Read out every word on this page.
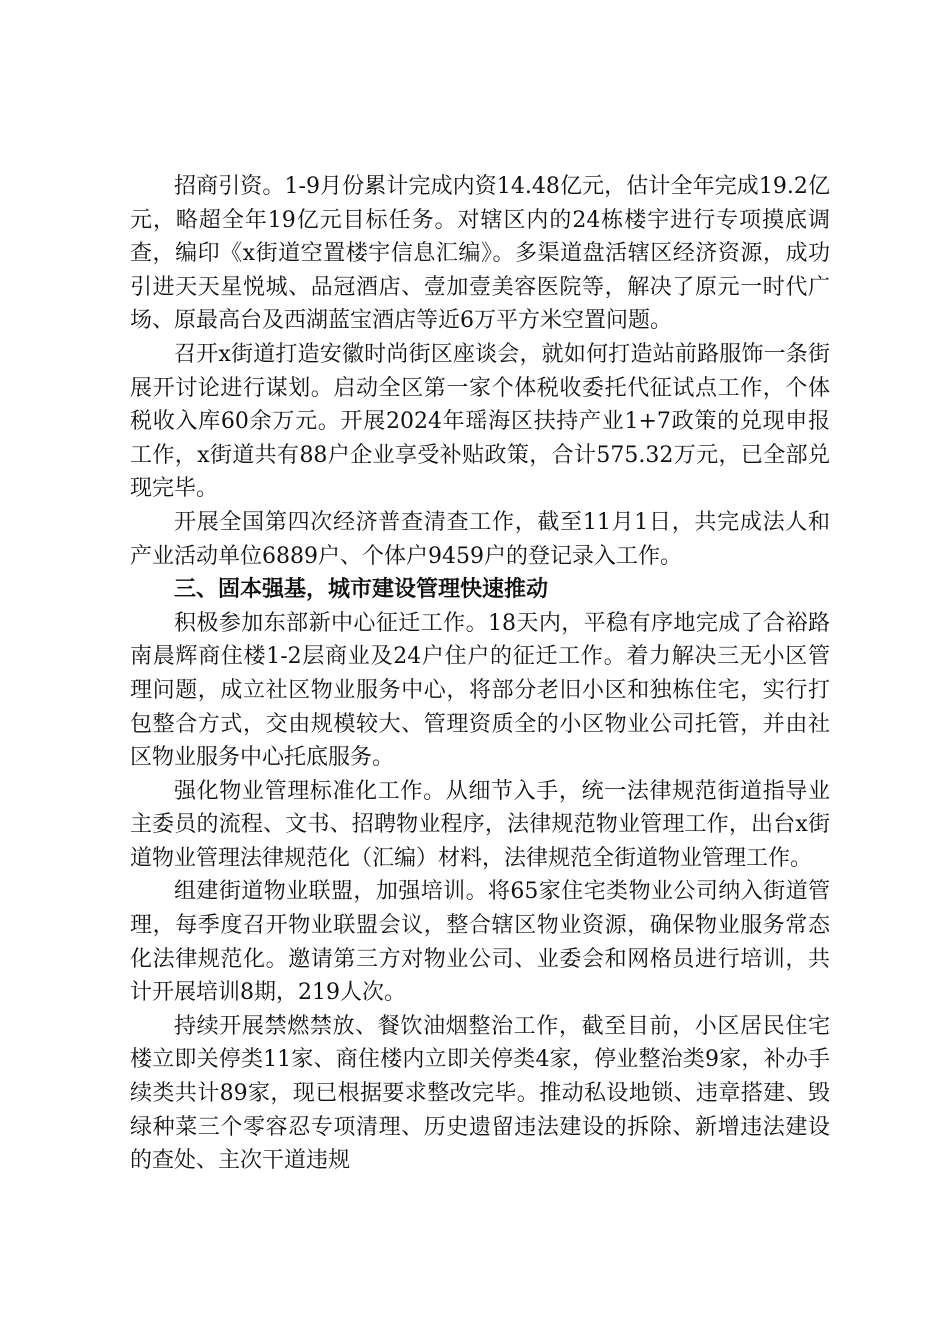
招商引资。1-9月份累计完成内资14.48亿元，估计全年完成19.2亿元，略超全年19亿元目标任务。对辖区内的24栋楼宇进行专项摸底调查，编印《x街道空置楼宇信息汇编》。多渠道盘活辖区经济资源，成功引进天天星悦城、品冠酒店、壹加壹美容医院等，解决了原元一时代广场、原最高台及西湖蓝宝酒店等近6万平方米空置问题。

召开x街道打造安徽时尚街区座谈会，就如何打造站前路服饰一条街展开讨论进行谋划。启动全区第一家个体税收委托代征试点工作，个体税收入库60余万元。开展2024年瑶海区扶持产业1+7政策的兑现申报工作，x街道共有88户企业享受补贴政策，合计575.32万元，已全部兑现完毕。

开展全国第四次经济普查清查工作，截至11月1日，共完成法人和产业活动单位6889户、个体户9459户的登记录入工作。

三、固本强基，城市建设管理快速推动

积极参加东部新中心征迁工作。18天内，平稳有序地完成了合裕路南晨辉商住楼1-2层商业及24户住户的征迁工作。着力解决三无小区管理问题，成立社区物业服务中心，将部分老旧小区和独栋住宅，实行打包整合方式，交由规模较大、管理资质全的小区物业公司托管，并由社区物业服务中心托底服务。

强化物业管理标准化工作。从细节入手，统一法律规范街道指导业主委员的流程、文书、招聘物业程序，法律规范物业管理工作，出台x街道物业管理法律规范化（汇编）材料，法律规范全街道物业管理工作。

组建街道物业联盟，加强培训。将65家住宅类物业公司纳入街道管理，每季度召开物业联盟会议，整合辖区物业资源，确保物业服务常态化法律规范化。邀请第三方对物业公司、业委会和网格员进行培训，共计开展培训8期，219人次。

持续开展禁燃禁放、餐饮油烟整治工作，截至目前，小区居民住宅楼立即关停类11家、商住楼内立即关停类4家，停业整治类9家，补办手续类共计89家，现已根据要求整改完毕。推动私设地锁、违章搭建、毁绿种菜三个零容忍专项清理、历史遗留违法建设的拆除、新增违法建设的查处、主次干道违规
